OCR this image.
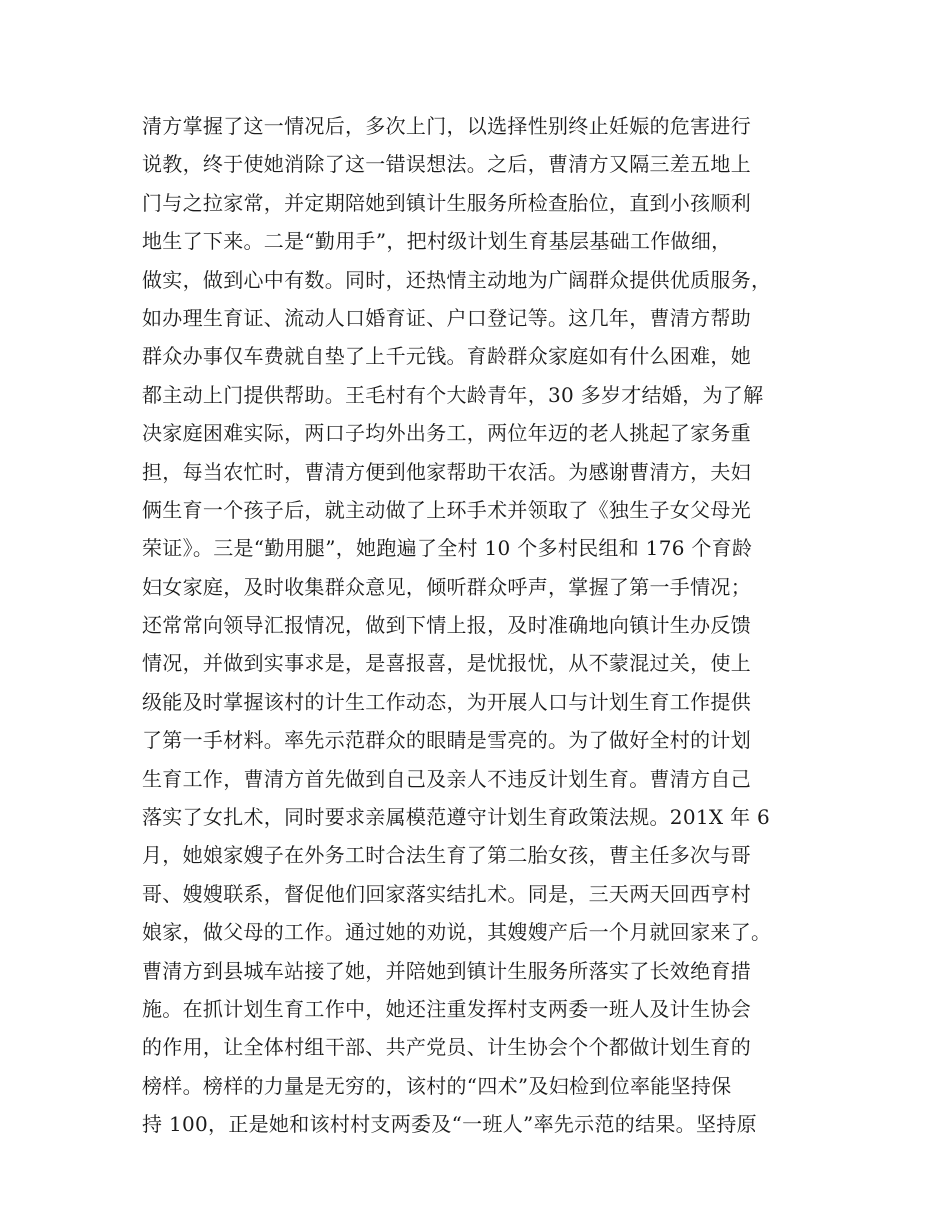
清方掌握了这一情况后，多次上门，以选择性别终止妊娠的危害进行
说教，终于使她消除了这一错误想法。之后，曹清方又隔三差五地上
门与之拉家常，并定期陪她到镇计生服务所检查胎位，直到小孩顺利
地生了下来。二是“勤用手”，把村级计划生育基层基础工作做细，
做实，做到心中有数。同时，还热情主动地为广阔群众提供优质服务，
如办理生育证、流动人口婚育证、户口登记等。这几年，曹清方帮助
群众办事仅车费就自垫了上千元钱。育龄群众家庭如有什么困难，她
都主动上门提供帮助。王毛村有个大龄青年，30 多岁才结婚，为了解
决家庭困难实际，两口子均外出务工，两位年迈的老人挑起了家务重
担，每当农忙时，曹清方便到他家帮助干农活。为感谢曹清方，夫妇
俩生育一个孩子后，就主动做了上环手术并领取了《独生子女父母光
荣证》。三是“勤用腿”，她跑遍了全村 10 个多村民组和 176 个育龄
妇女家庭，及时收集群众意见，倾听群众呼声，掌握了第一手情况；
还常常向领导汇报情况，做到下情上报，及时准确地向镇计生办反馈
情况，并做到实事求是，是喜报喜，是忧报忧，从不蒙混过关，使上
级能及时掌握该村的计生工作动态，为开展人口与计划生育工作提供
了第一手材料。率先示范群众的眼睛是雪亮的。为了做好全村的计划
生育工作，曹清方首先做到自己及亲人不违反计划生育。曹清方自己
落实了女扎术，同时要求亲属模范遵守计划生育政策法规。201X 年 6
月，她娘家嫂子在外务工时合法生育了第二胎女孩，曹主任多次与哥
哥、嫂嫂联系，督促他们回家落实结扎术。同是，三天两天回西亨村
娘家，做父母的工作。通过她的劝说，其嫂嫂产后一个月就回家来了。
曹清方到县城车站接了她，并陪她到镇计生服务所落实了长效绝育措
施。在抓计划生育工作中，她还注重发挥村支两委一班人及计生协会
的作用，让全体村组干部、共产党员、计生协会个个都做计划生育的
榜样。榜样的力量是无穷的，该村的“四术”及妇检到位率能坚持保
持 100，正是她和该村村支两委及“一班人”率先示范的结果。坚持原
